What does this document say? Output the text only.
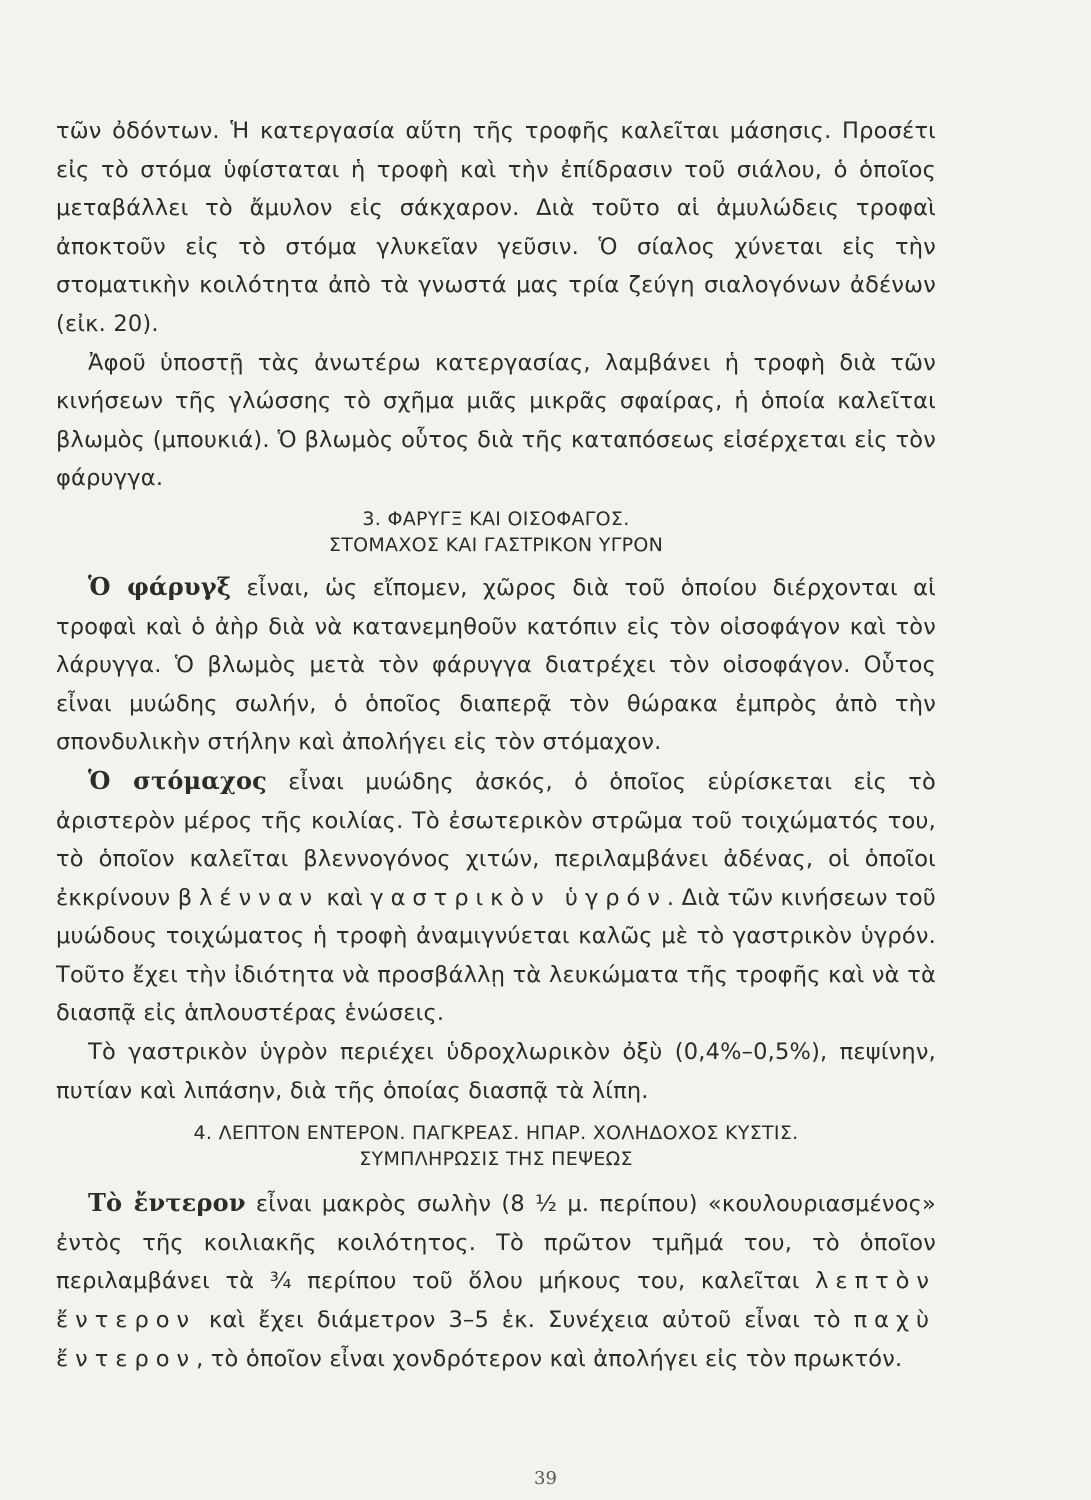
τῶν ὀδόντων. Ἡ κατεργασία αὕτη τῆς τροφῆς καλεῖται μάσησις. Προσέτι εἰς τὸ στόμα ὑφίσταται ἡ τροφὴ καὶ τὴν ἐπίδρασιν τοῦ σιάλου, ὁ ὁποῖος μεταβάλλει τὸ ἄμυλον εἰς σάκχαρον. Διὰ τοῦτο αἱ ἀμυλώδεις τροφαὶ ἀποκτοῦν εἰς τὸ στόμα γλυκεῖαν γεῦσιν. Ὁ σίαλος χύνεται εἰς τὴν στοματικὴν κοιλότητα ἀπὸ τὰ γνωστά μας τρία ζεύγη σιαλογόνων ἀδένων (εἰκ. 20).

Ἀφοῦ ὑποστῇ τὰς ἀνωτέρω κατεργασίας, λαμβάνει ἡ τροφὴ διὰ τῶν κινήσεων τῆς γλώσσης τὸ σχῆμα μιᾶς μικρᾶς σφαίρας, ἡ ὁποία καλεῖται βλωμὸς (μπουκιά). Ὁ βλωμὸς οὗτος διὰ τῆς καταπόσεως εἰσέρχεται εἰς τὸν φάρυγγα.

3. ΦΑΡΥΓΞ ΚΑΙ ΟΙΣΟΦΑΓΟΣ.
ΣΤΟΜΑΧΟΣ ΚΑΙ ΓΑΣΤΡΙΚΟΝ ΥΓΡΟΝ

Ὁ φάρυγξ εἶναι, ὡς εἴπομεν, χῶρος διὰ τοῦ ὁποίου διέρχονται αἱ τροφαὶ καὶ ὁ ἀὴρ διὰ νὰ κατανεμηθοῦν κατόπιν εἰς τὸν οἰσοφάγον καὶ τὸν λάρυγγα. Ὁ βλωμὸς μετὰ τὸν φάρυγγα διατρέχει τὸν οἰσοφάγον. Οὗτος εἶναι μυώδης σωλήν, ὁ ὁποῖος διαπερᾷ τὸν θώρακα ἐμπρὸς ἀπὸ τὴν σπονδυλικὴν στήλην καὶ ἀπολήγει εἰς τὸν στόμαχον.

Ὁ στόμαχος εἶναι μυώδης ἀσκός, ὁ ὁποῖος εὑρίσκεται εἰς τὸ ἀριστερὸν μέρος τῆς κοιλίας. Τὸ ἐσωτερικὸν στρῶμα τοῦ τοιχώματός του, τὸ ὁποῖον καλεῖται βλεννογόνος χιτών, περιλαμβάνει ἀδένας, οἱ ὁποῖοι ἐκκρίνουν βλένναν καὶ γαστρικὸν ὑγρόν. Διὰ τῶν κινήσεων τοῦ μυώδους τοιχώματος ἡ τροφὴ ἀναμιγνύεται καλῶς μὲ τὸ γαστρικὸν ὑγρόν. Τοῦτο ἔχει τὴν ἰδιότητα νὰ προσβάλλῃ τὰ λευκώματα τῆς τροφῆς καὶ νὰ τὰ διασπᾷ εἰς ἁπλουστέρας ἑνώσεις.

Τὸ γαστρικὸν ὑγρὸν περιέχει ὑδροχλωρικὸν ὀξὺ (0,4%–0,5%), πεψίνην, πυτίαν καὶ λιπάσην, διὰ τῆς ὁποίας διασπᾷ τὰ λίπη.

4. ΛΕΠΤΟΝ ΕΝΤΕΡΟΝ. ΠΑΓΚΡΕΑΣ. ΗΠΑΡ. ΧΟΛΗΔΟΧΟΣ ΚΥΣΤΙΣ.
ΣΥΜΠΛΗΡΩΣΙΣ ΤΗΣ ΠΕΨΕΩΣ

Τὸ ἔντερον εἶναι μακρὸς σωλὴν (8 ½ μ. περίπου) «κουλουριασμένος» ἐντὸς τῆς κοιλιακῆς κοιλότητος. Τὸ πρῶτον τμῆμά του, τὸ ὁποῖον περιλαμβάνει τὰ ¾ περίπου τοῦ ὅλου μήκους του, καλεῖται λεπτὸν ἔντερον καὶ ἔχει διάμετρον 3–5 ἑκ. Συνέχεια αὐτοῦ εἶναι τὸ παχὺ ἔντερον, τὸ ὁποῖον εἶναι χονδρότερον καὶ ἀπολήγει εἰς τὸν πρωκτόν.

39
